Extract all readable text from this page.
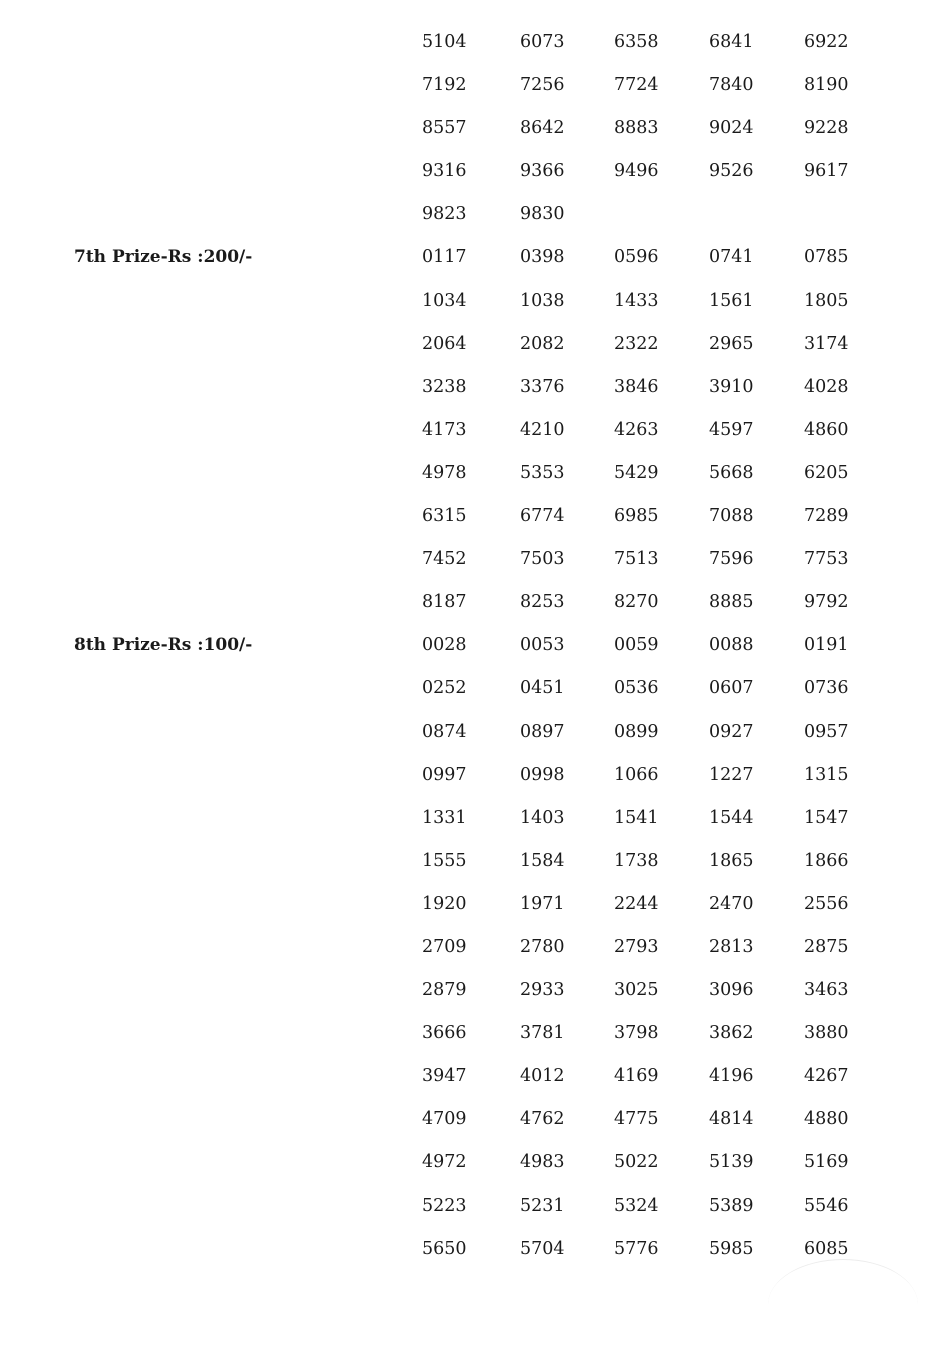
5104	6073	6358	6841	6922
7192	7256	7724	7840	8190
8557	8642	8883	9024	9228
9316	9366	9496	9526	9617
9823	9830
7th Prize-Rs :200/-	0117	0398	0596	0741	0785
1034	1038	1433	1561	1805
2064	2082	2322	2965	3174
3238	3376	3846	3910	4028
4173	4210	4263	4597	4860
4978	5353	5429	5668	6205
6315	6774	6985	7088	7289
7452	7503	7513	7596	7753
8187	8253	8270	8885	9792
8th Prize-Rs :100/-	0028	0053	0059	0088	0191
0252	0451	0536	0607	0736
0874	0897	0899	0927	0957
0997	0998	1066	1227	1315
1331	1403	1541	1544	1547
1555	1584	1738	1865	1866
1920	1971	2244	2470	2556
2709	2780	2793	2813	2875
2879	2933	3025	3096	3463
3666	3781	3798	3862	3880
3947	4012	4169	4196	4267
4709	4762	4775	4814	4880
4972	4983	5022	5139	5169
5223	5231	5324	5389	5546
5650	5704	5776	5985	6085
